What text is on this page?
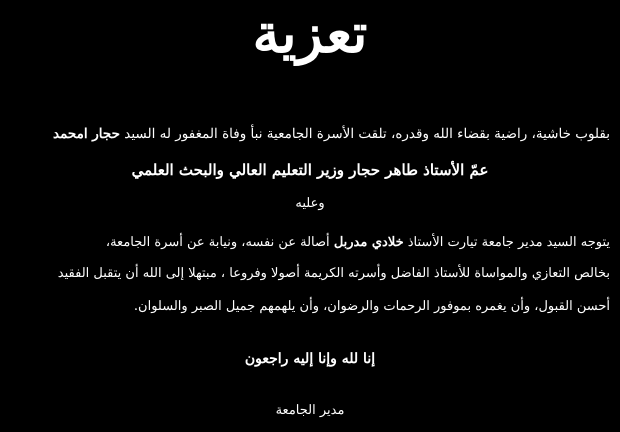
تعزية
بقلوب خاشية، راضية بقضاء الله وقدره، تلقت الأسرة الجامعية نبأ وفاة المغفور له السيد حجار امحمد
عمّ الأستاذ طاهر حجار وزير التعليم العالي والبحث العلمي
وعليه
يتوجه السيد مدير جامعة تيارت الأستاذ خلادي مدربل أصالة عن نفسه، ونيابة عن أسرة الجامعة،
بخالص التعازي والمواساة للأستاذ الفاضل وأسرته الكريمة أصولا وفروعا ، مبتهلا إلى الله أن يتقبل الفقيد
أحسن القبول، وأن يغمره بموفور الرحمات والرضوان، وأن يلهمهم جميل الصبر والسلوان.
إنا لله وإنا إليه راجعون
مدير الجامعة
